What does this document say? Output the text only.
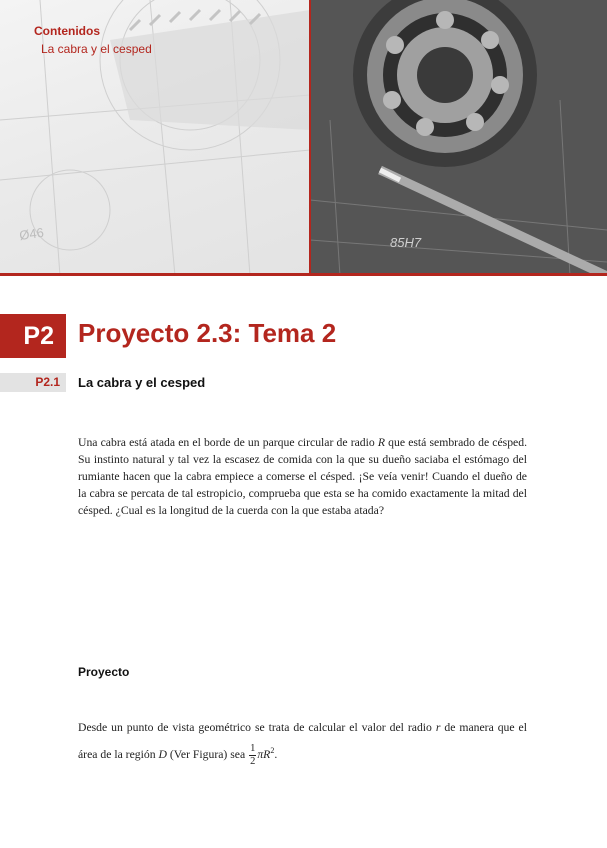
Ø46	85H7
Contenidos
La cabra y el cesped
P2 Proyecto 2.3: Tema 2
P2.1	La cabra y el cesped

Una cabra está atada en el borde de un parque circular de radio R que está sembrado de césped. Su instinto natural y tal vez la escasez de comida con la que su dueño saciaba el estómago del rumiante hacen que la cabra empiece a comerse el césped. ¡Se veía venir! Cuando el dueño de la cabra se percata de tal estropicio, comprueba que esta se ha comido exactamente la mitad del césped. ¿Cual es la longitud de la cuerda con la que estaba atada?

Proyecto

Desde un punto de vista geométrico se trata de calcular el valor del radio r de manera que el área de la región D (Ver Figura) sea $\frac{1}{2} \pi R^2$.
